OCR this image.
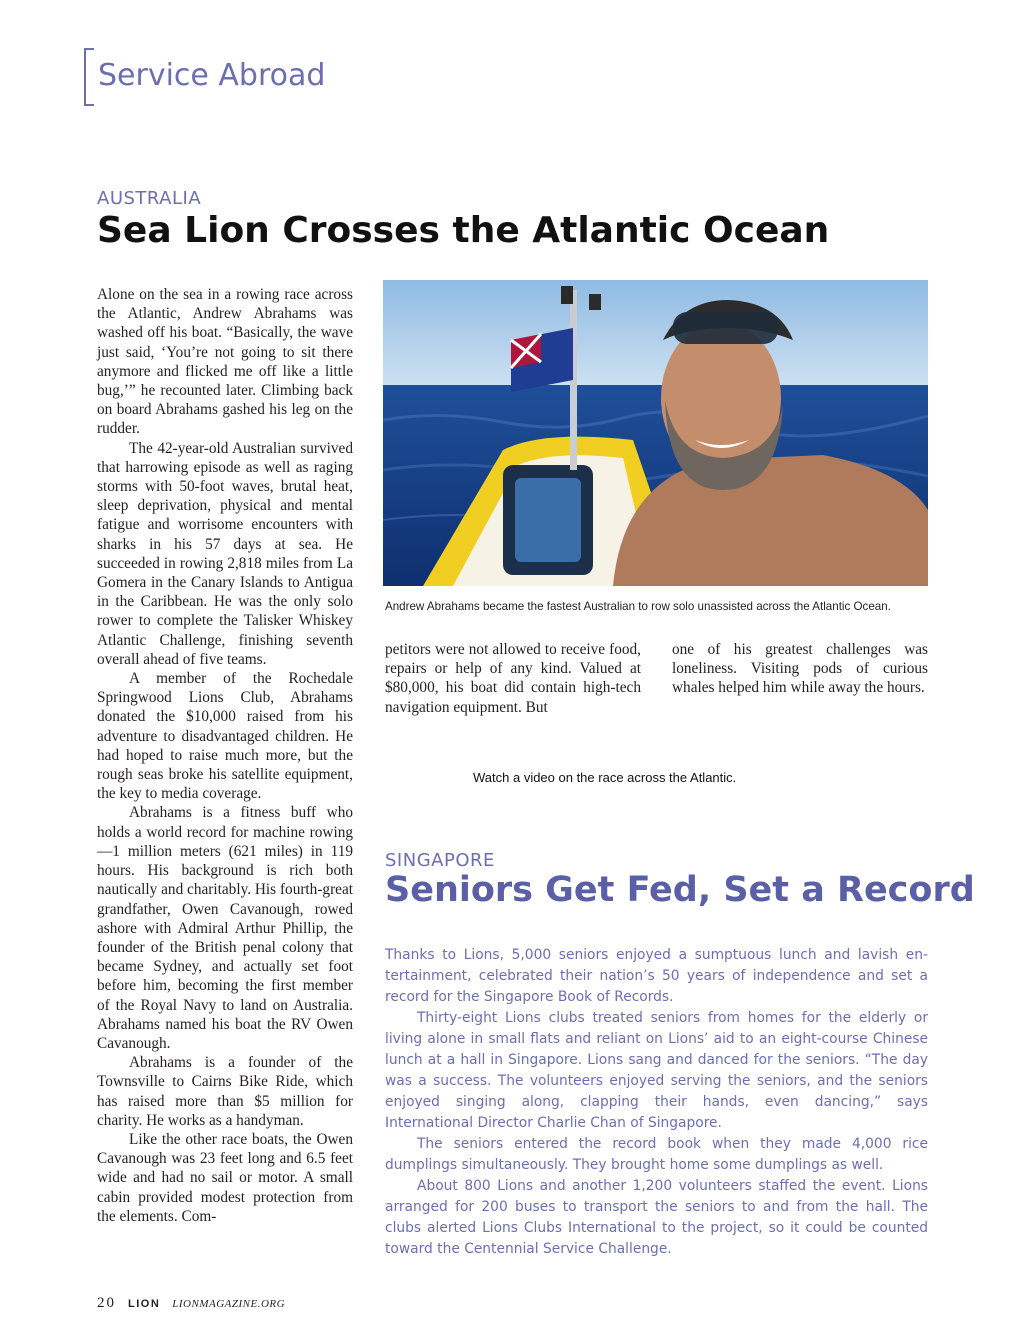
Service Abroad
AUSTRALIA
Sea Lion Crosses the Atlantic Ocean

Alone on the sea in a rowing race across the Atlantic, Andrew Abrahams was washed off his boat. “Basically, the wave just said, ‘You’re not going to sit there anymore and flicked me off like a little bug,’” he recounted later. Climbing back on board Abrahams gashed his leg on the rudder.

The 42-year-old Australian survived that harrowing episode as well as raging storms with 50-foot waves, brutal heat, sleep deprivation, physical and mental fatigue and worrisome encounters with sharks in his 57 days at sea. He succeeded in rowing 2,818 miles from La Gomera in the Canary Islands to Antigua in the Caribbean. He was the only solo rower to complete the Talisker Whiskey Atlantic Challenge, finishing seventh overall ahead of five teams.

A member of the Rochedale Springwood Lions Club, Abrahams donated the $10,000 raised from his adventure to disadvantaged children. He had hoped to raise much more, but the rough seas broke his satellite equipment, the key to media coverage.

Abrahams is a fitness buff who holds a world record for machine rowing—1 million meters (621 miles) in 119 hours. His background is rich both nautically and charitably. His fourth-great grandfather, Owen Cavanough, rowed ashore with Admiral Arthur Phillip, the founder of the British penal colony that became Sydney, and actually set foot before him, becoming the first member of the Royal Navy to land on Australia. Abrahams named his boat the RV Owen Cavanough.

Abrahams is a founder of the Townsville to Cairns Bike Ride, which has raised more than $5 million for charity. He works as a handyman.

Like the other race boats, the Owen Cavanough was 23 feet long and 6.5 feet wide and had no sail or motor. A small cabin provided modest protection from the elements. Com-

Andrew Abrahams became the fastest Australian to row solo unassisted across the Atlantic Ocean.

petitors were not allowed to receive food, repairs or help of any kind. Valued at $80,000, his boat did contain high-tech navigation equipment. But

one of his greatest challenges was loneliness. Visiting pods of curious whales helped him while away the hours.

Watch a video on the race across the Atlantic.
SINGAPORE
Seniors Get Fed, Set a Record

Thanks to Lions, 5,000 seniors enjoyed a sumptuous lunch and lavish entertainment, celebrated their nation’s 50 years of independence and set a record for the Singapore Book of Records.

Thirty-eight Lions clubs treated seniors from homes for the elderly or living alone in small flats and reliant on Lions’ aid to an eight-course Chinese lunch at a hall in Singapore. Lions sang and danced for the seniors. “The day was a success. The volunteers enjoyed serving the seniors, and the seniors enjoyed singing along, clapping their hands, even dancing,” says International Director Charlie Chan of Singapore.

The seniors entered the record book when they made 4,000 rice dumplings simultaneously. They brought home some dumplings as well.

About 800 Lions and another 1,200 volunteers staffed the event. Lions arranged for 200 buses to transport the seniors to and from the hall. The clubs alerted Lions Clubs International to the project, so it could be counted toward the Centennial Service Challenge.

20 LION LIONMAGAZINE.ORG
